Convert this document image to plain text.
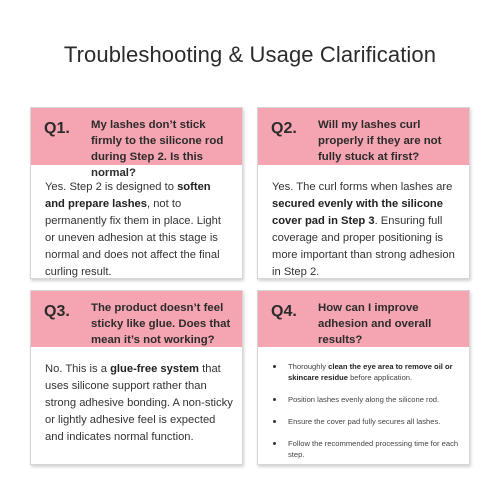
Troubleshooting & Usage Clarification
Q1. My lashes don’t stick firmly to the silicone rod during Step 2. Is this normal?
Yes. Step 2 is designed to soften and prepare lashes, not to permanently fix them in place. Light or uneven adhesion at this stage is normal and does not affect the final curling result.
Q2. Will my lashes curl properly if they are not fully stuck at first?
Yes. The curl forms when lashes are secured evenly with the silicone cover pad in Step 3. Ensuring full coverage and proper positioning is more important than strong adhesion in Step 2.
Q3. The product doesn’t feel sticky like glue. Does that mean it’s not working?
No. This is a glue-free system that uses silicone support rather than strong adhesive bonding. A non-sticky or lightly adhesive feel is expected and indicates normal function.
Q4. How can I improve adhesion and overall results?
Thoroughly clean the eye area to remove oil or skincare residue before application.
Position lashes evenly along the silicone rod.
Ensure the cover pad fully secures all lashes.
Follow the recommended processing time for each step.
